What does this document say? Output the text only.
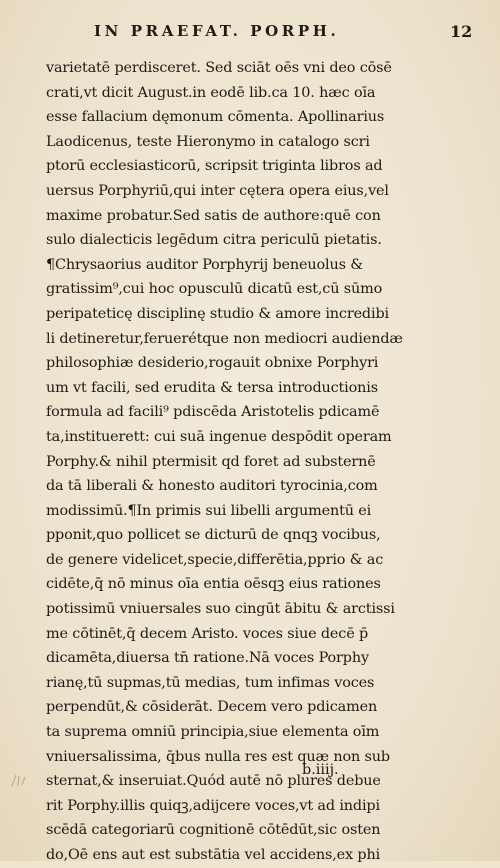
IN PRAEFAT. PORPH.	12
varietatē perdisceret. Sed sciāt oēs vni deo cōsē
crati,vt dicit August.in eodē lib.ca 10. hæc oīa
esse fallacium dęmonum cōmenta. Apollinarius
Laodicenus, teste Hieronymo in catalogo scri
ptorū ecclesiasticorū, scripsit triginta libros ad
uersus Porphyriū,qui inter cętera opera eius,vel
maxime probatur.Sed satis de authore:quē con
sulo dialecticis legēdum citra periculū pietatis.
¶Chrysaorius auditor Porphyrij beneuolus &
gratissim⁹,cui hoc opusculū dicatū est,cū sūmo
peripateticę disciplinę studio & amore incredibi
li detineretur,feruerétque non mediocri audiendæ
philosophiæ desiderio,rogauit obnixe Porphyri
um vt facili, sed erudita & tersa introductionis
formula ad facili⁹ pdiscēda Aristotelis pdicamē
ta,instituerett: cui suā ingenue despōdit operam
Porphy.& nihil ptermisit qd foret ad substernē
da tā liberali & honesto auditori tyrocinia,com
modissimū.¶In primis sui libelli argumentū ei
pponit,quo pollicet se dicturū de qnqꝫ vocibus,
de genere videlicet,specie,differētia,pprio & ac
cidēte,q̄ nō minus oīa entia oēsqꝫ eius rationes
potissimū vniuersales suo cingūt ābitu & arctissi
me cōtinēt,q̄ decem Aristo. voces siue decē p̄
dicamēta,diuersa tn̄ ratione.Nā voces Porphy
rianę,tū supmas,tū medias, tum infimas voces
perpendūt,& cōsiderāt. Decem vero pdicamen
ta suprema omniū principia,siue elementa oīm
vniuersalissima, q̄bus nulla res est quæ non sub
sternat,& inseruiat.Quód autē nō plures debue
rit Porphy.illis quiqꝫ,adijcere voces,vt ad indipi
scēdā categoriarū cognitionē cōtēdūt,sic osten
do,Oē ens aut est substātia vel accidens,ex phi
b.iiij.
